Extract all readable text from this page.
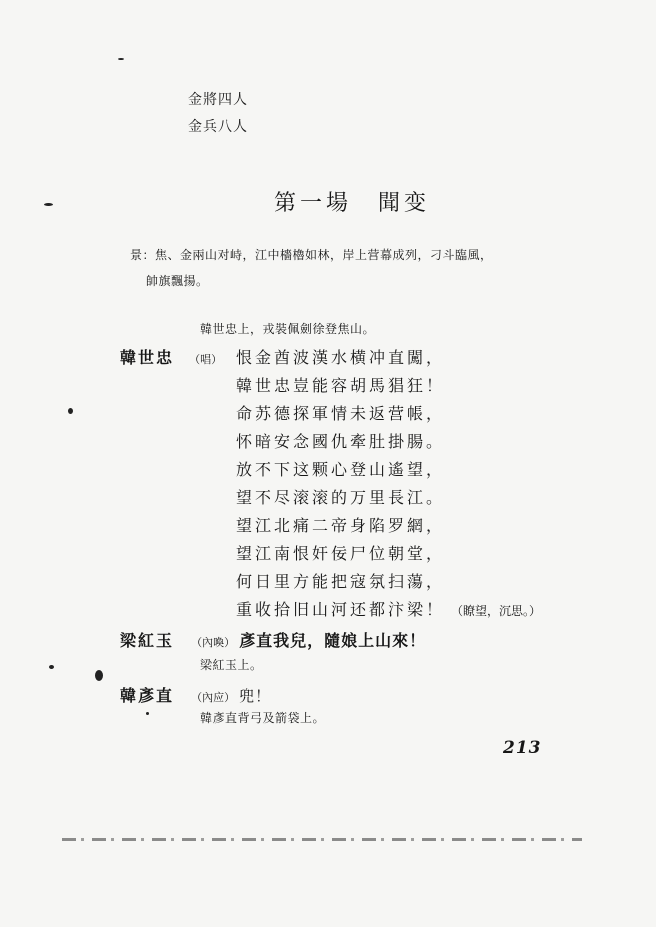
金將四人
金兵八人
第一場 聞变
景：焦、金兩山对峙，江中檣櫓如林，岸上营幕成列，刁斗臨風，
帥旗飄揚。
韓世忠上，戎裝佩劍徐登焦山。
韓世忠 （唱） 恨金酋波漢水横冲直闖，
韓世忠豈能容胡馬猖狂！
命苏德探軍情未返营帳，
怀暗安念國仇牽肚掛腸。
放不下这颗心登山遙望，
望不尽滚滚的万里長江。
望江北痛二帝身陷罗網，
望江南恨奸佞尸位朝堂，
何日里方能把寇氛扫蕩，
重收拾旧山河还都汴梁！ （瞭望，沉思。）
梁紅玉 （內喚） 彥直我兒，隨娘上山來！
梁紅玉上。
韓彥直 （內应） 兜！
韓彥直背弓及箭袋上。
213
